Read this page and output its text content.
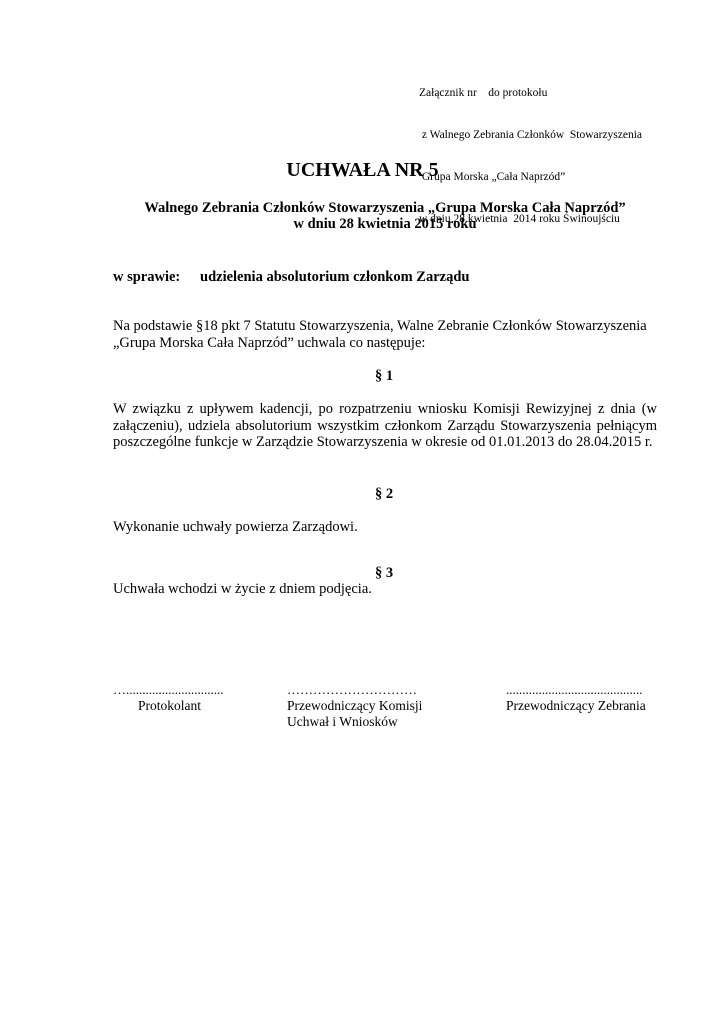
Załącznik nr    do protokołu

z Walnego Zebrania Członków  Stowarzyszenia

Grupa Morska „Cała Naprzód”

w dniu 28 kwietnia  2014 roku Świnoujściu

UCHWAŁA NR 5
Walnego Zebrania Członków Stowarzyszenia „Grupa Morska Cała Naprzód”
w dniu 28 kwietnia 2015 roku
w sprawie: udzielenia absolutorium członkom Zarządu
Na podstawie §18 pkt 7 Statutu Stowarzyszenia, Walne Zebranie Członków Stowarzyszenia
„Grupa Morska Cała Naprzód” uchwala co następuje:
§ 1
W związku z upływem kadencji, po rozpatrzeniu wniosku Komisji Rewizyjnej z dnia (w załączeniu), udziela absolutorium wszystkim członkom Zarządu Stowarzyszenia pełniącym poszczególne funkcje w Zarządzie Stowarzyszenia w okresie od 01.01.2013 do 28.04.2015 r.
§ 2
Wykonanie uchwały powierza Zarządowi.
§ 3
Uchwała wchodzi w życie z dniem podjęcia.
…..............................
Protokolant
…………………………
Przewodniczący Komisji
Uchwał i Wniosków
..........................................
Przewodniczący Zebrania
